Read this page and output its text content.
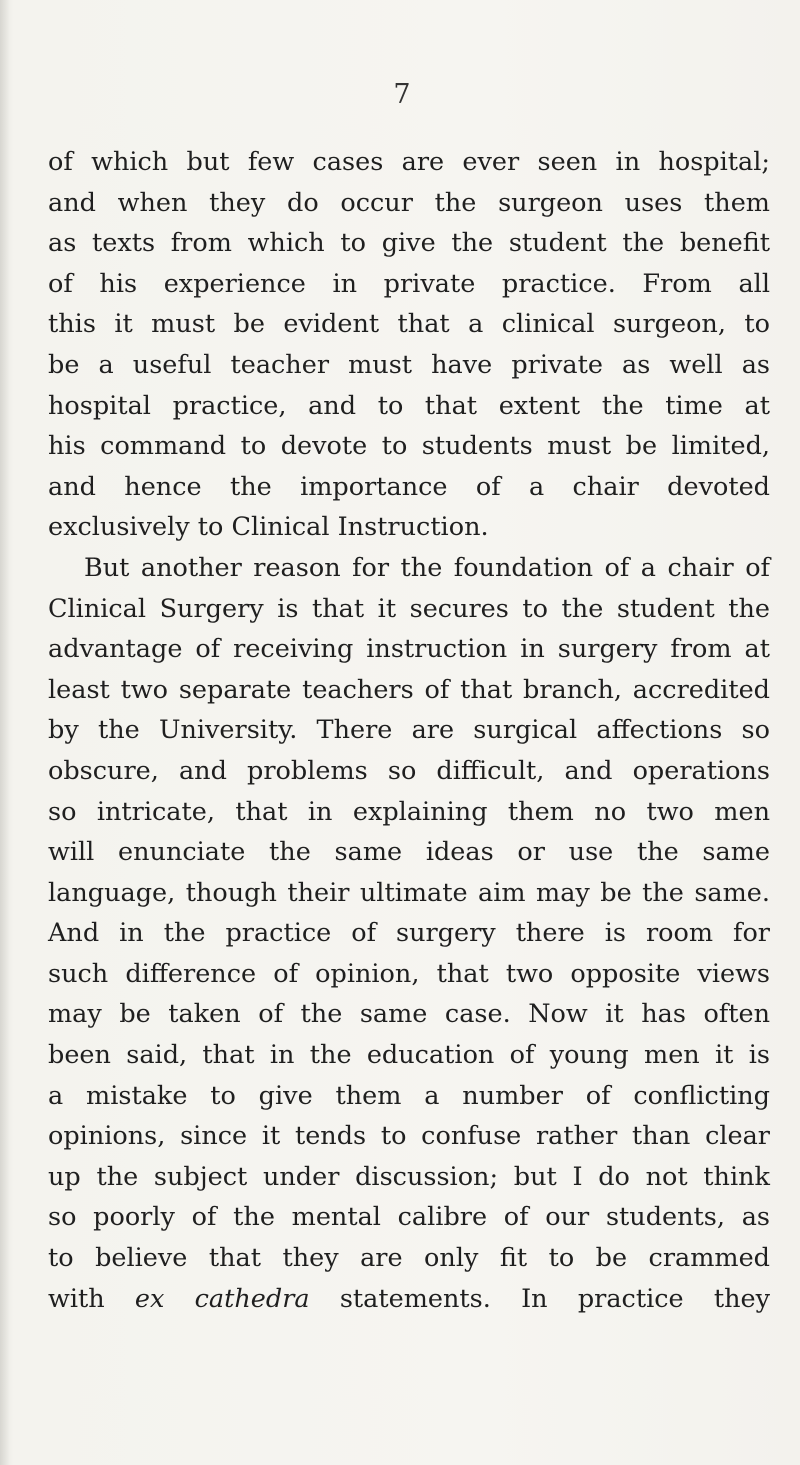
7
of which but few cases are ever seen in hospital;
and when they do occur the surgeon uses them
as texts from which to give the student the benefit
of his experience in private practice. From all
this it must be evident that a clinical surgeon, to
be a useful teacher must have private as well as
hospital practice, and to that extent the time at
his command to devote to students must be limited,
and hence the importance of a chair devoted
exclusively to Clinical Instruction.
But another reason for the foundation of a chair of
Clinical Surgery is that it secures to the student the
advantage of receiving instruction in surgery from at
least two separate teachers of that branch, accredited
by the University. There are surgical affections so
obscure, and problems so difficult, and operations
so intricate, that in explaining them no two men
will enunciate the same ideas or use the same
language, though their ultimate aim may be the same.
And in the practice of surgery there is room for
such difference of opinion, that two opposite views
may be taken of the same case. Now it has often
been said, that in the education of young men it is
a mistake to give them a number of conflicting
opinions, since it tends to confuse rather than clear
up the subject under discussion; but I do not think
so poorly of the mental calibre of our students, as
to believe that they are only fit to be crammed
with ex cathedra statements. In practice they
